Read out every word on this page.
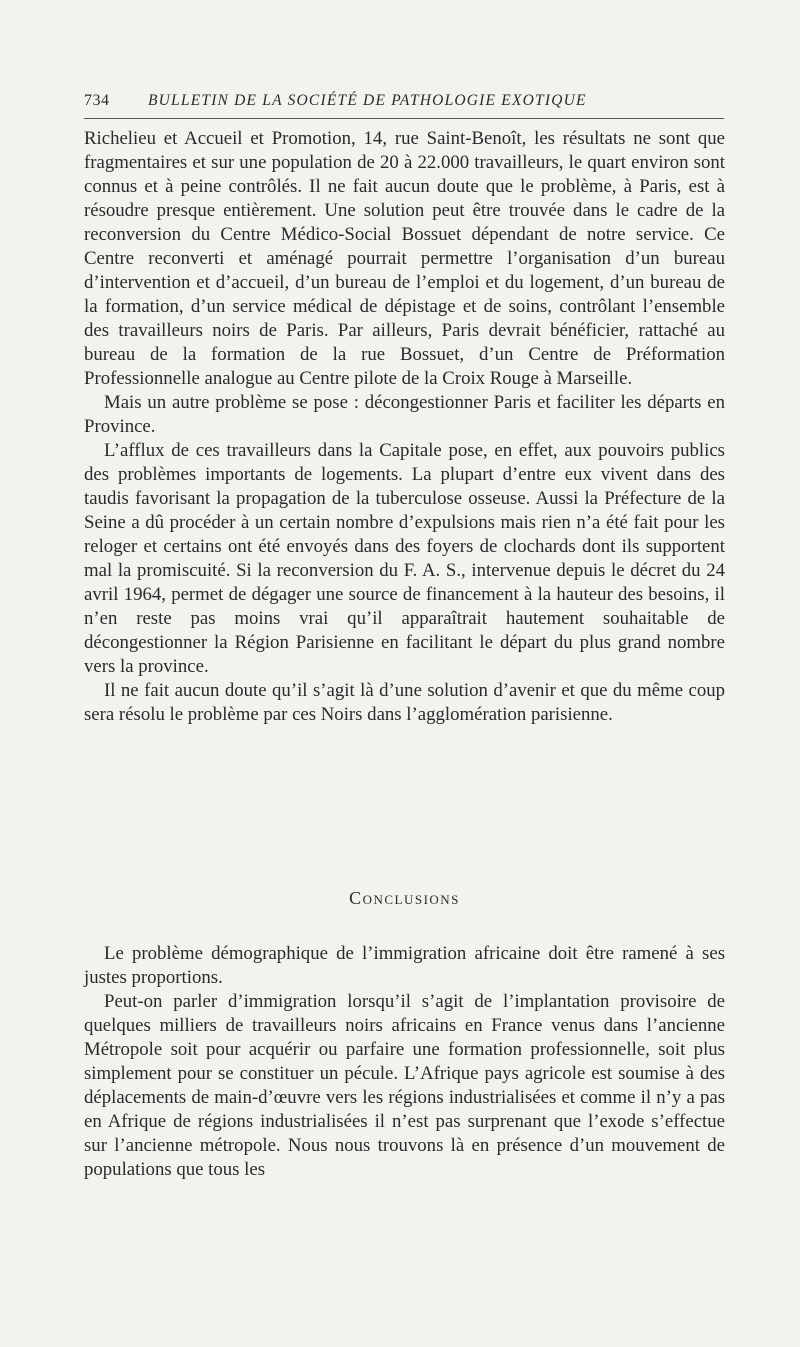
734 BULLETIN DE LA SOCIÉTÉ DE PATHOLOGIE EXOTIQUE

Richelieu et Accueil et Promotion, 14, rue Saint-Benoît, les résultats ne sont que fragmentaires et sur une population de 20 à 22.000 travailleurs, le quart environ sont connus et à peine contrôlés. Il ne fait aucun doute que le problème, à Paris, est à résoudre presque entièrement. Une solution peut être trouvée dans le cadre de la reconversion du Centre Médico-Social Bossuet dépendant de notre service. Ce Centre reconverti et aménagé pourrait permettre l’organisation d’un bureau d’intervention et d’accueil, d’un bureau de l’emploi et du logement, d’un bureau de la formation, d’un service médical de dépistage et de soins, contrôlant l’ensemble des travailleurs noirs de Paris. Par ailleurs, Paris devrait bénéficier, rattaché au bureau de la formation de la rue Bossuet, d’un Centre de Préformation Professionnelle analogue au Centre pilote de la Croix Rouge à Marseille.

Mais un autre problème se pose : décongestionner Paris et faciliter les départs en Province.

L’afflux de ces travailleurs dans la Capitale pose, en effet, aux pouvoirs publics des problèmes importants de logements. La plupart d’entre eux vivent dans des taudis favorisant la propagation de la tuberculose osseuse. Aussi la Préfecture de la Seine a dû procéder à un certain nombre d’expulsions mais rien n’a été fait pour les reloger et certains ont été envoyés dans des foyers de clochards dont ils supportent mal la promiscuité. Si la reconversion du F. A. S., intervenue depuis le décret du 24 avril 1964, permet de dégager une source de financement à la hauteur des besoins, il n’en reste pas moins vrai qu’il apparaîtrait hautement souhaitable de décongestionner la Région Parisienne en facilitant le départ du plus grand nombre vers la province.

Il ne fait aucun doute qu’il s’agit là d’une solution d’avenir et que du même coup sera résolu le problème par ces Noirs dans l’agglomération parisienne.

Conclusions

Le problème démographique de l’immigration africaine doit être ramené à ses justes proportions.

Peut-on parler d’immigration lorsqu’il s’agit de l’implantation provisoire de quelques milliers de travailleurs noirs africains en France venus dans l’ancienne Métropole soit pour acquérir ou parfaire une formation professionnelle, soit plus simplement pour se constituer un pécule. L’Afrique pays agricole est soumise à des déplacements de main-d’œuvre vers les régions industrialisées et comme il n’y a pas en Afrique de régions industrialisées il n’est pas surprenant que l’exode s’effectue sur l’ancienne métropole. Nous nous trouvons là en présence d’un mouvement de populations que tous les
